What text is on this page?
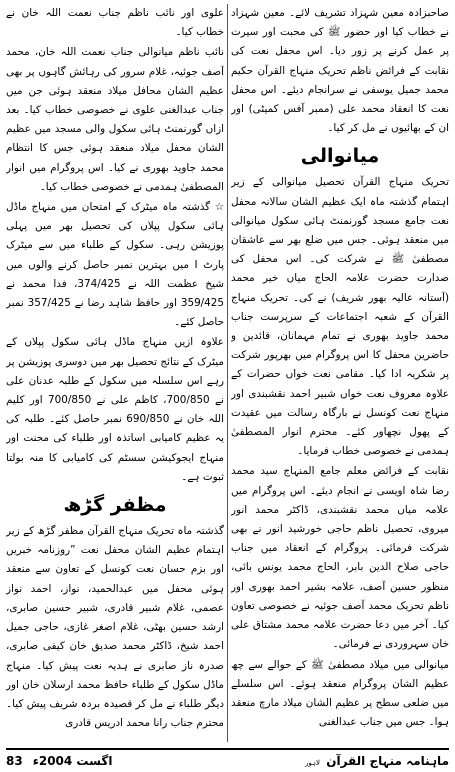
صاحبزادہ معین شہزاد تشریف لائے۔ معین شہزاد نے خطاب کیا اور حضور ﷺ کی محبت اور سیرت پر عمل کرنے پر زور دیا۔ اس محفل نعت کی نقابت کے فرائض ناظم تحریک منہاج القرآن حکیم محمد جمیل یوسفی نے سرانجام دیئے۔ اس محفل نعت کا انعقاد محمد علی (ممبر آفس کمیٹی) اور ان کے بھائیوں نے مل کر کیا۔

میانوالی

تحریک منہاج القرآن تحصیل میانوالی کے زیر اہتمام گذشتہ ماہ ایک عظیم الشان سالانہ محفل نعت جامع مسجد گورنمنٹ ہائی سکول میانوالی میں منعقد ہوئی۔ جس میں ضلع بھر سے عاشقان مصطفیٰ ﷺ نے شرکت کی۔ اس محفل کی صدارت حضرت علامہ الحاج میاں خیر محمد (آستانہ عالیہ بھور شریف) نے کی۔ تحریک منہاج القرآن کے شعبہ اجتماعات کے سرپرست جناب محمد جاوید بھوری نے تمام مہمانان، قائدین و حاضرین محفل کا اس پروگرام میں بھرپور شرکت پر شکریہ ادا کیا۔ مقامی نعت خواں حضرات کے علاوہ معروف نعت خواں شبیر احمد نقشبندی اور منہاج نعت کونسل نے بارگاہ رسالت میں عقیدت کے پھول نچھاور کئے۔ محترم انوار المصطفیٰ ہمدمی نے خصوصی خطاب فرمایا۔

نقابت کے فرائض معلم جامع المنہاج سید محمد رضا شاہ اویسی نے انجام دیئے۔ اس پروگرام میں علامہ میاں محمد نقشبندی، ڈاکٹر محمد انور میروی، تحصیل ناظم حاجی خورشید انور نے بھی شرکت فرمائی۔ پروگرام کے انعقاد میں جناب حاجی صلاح الدین بابر، الحاج محمد یونس بائی، منظور حسین آصف، علامہ بشیر احمد بھوری اور ناظم تحریک محمد آصف جوئیہ نے خصوصی تعاون کیا۔ آخر میں دعا حضرت علامہ محمد مشتاق علی خان سہروردی نے فرمائی۔

میانوالی میں میلاد مصطفیٰ ﷺ کے حوالے سے چھ عظیم الشان پروگرام منعقد ہوئے۔ اس سلسلے میں ضلعی سطح پر عظیم الشان میلاد مارچ منعقد ہوا۔ جس میں جناب عبدالغنی

علوی اور نائب ناظم جناب نعمت اللہ خان نے خطاب کیا۔

نائب ناظم میانوالی جناب نعمت اللہ خان، محمد آصف جوئیہ، غلام سرور کی رہائش گاہوں پر بھی عظیم الشان محافل میلاد منعقد ہوئی جن میں جناب عبدالغنی علوی نے خصوصی خطاب کیا۔ بعد ازاں گورنمنٹ ہائی سکول والی مسجد میں عظیم الشان محفل میلاد منعقد ہوئی جس کا انتظام محمد جاوید بھوری نے کیا۔ اس پروگرام میں انوار المصطفیٰ ہمدمی نے خصوصی خطاب کیا۔

☆ گذشتہ ماہ میٹرک کے امتحان میں منہاج ماڈل ہائی سکول پپلاں کی تحصیل بھر میں پہلی پوزیشن رہی۔ سکول کے طلباء میں سے میٹرک پارٹ I میں بہترین نمبر حاصل کرنے والوں میں شیخ عظمت اللہ نے 374/425، فدا محمد نے 359/425 اور حافظ شاہد رضا نے 357/425 نمبر حاصل کئے۔

علاوہ ازیں منہاج ماڈل ہائی سکول پپلاں کے میٹرک کے نتائج تحصیل بھر میں دوسری پوزیشن پر رہے اس سلسلہ میں سکول کے طلبہ عدنان علی نے 700/850، کاظم علی نے 700/850 اور کلیم اللہ خان نے 690/850 نمبر حاصل کئے۔ طلبہ کی یہ عظیم کامیابی اساتذہ اور طلباء کی محنت اور منہاج ایجوکیشن سسٹم کی کامیابی کا منہ بولتا ثبوت ہے۔

مظفر گڑھ

گذشتہ ماہ تحریک منہاج القرآن مظفر گڑھ کے زیر اہتمام عظیم الشان محفل نعت ”روزنامہ خبریں اور بزم حسان نعت کونسل کے تعاون سے منعقد ہوئی محفل میں عبدالحمید، نواز، احمد نواز عصمی، غلام شبیر قادری، شبیر حسین صابری، ارشد حسین بھٹی، غلام اصغر غازی، حاجی جمیل احمد شیخ، ڈاکٹر محمد صدیق خان کیفی صابری، صدرہ ناز صابری نے ہدیہ نعت پیش کیا۔ منہاج ماڈل سکول کے طلباء حافظ محمد ارسلان خان اور دیگر طلباء نے مل کر قصیدہ بردہ شریف پیش کیا۔ محترم جناب رانا محمد ادریس قادری

83 اگست 2004ء	ماہنامہ منہاج القرآن لاہور
